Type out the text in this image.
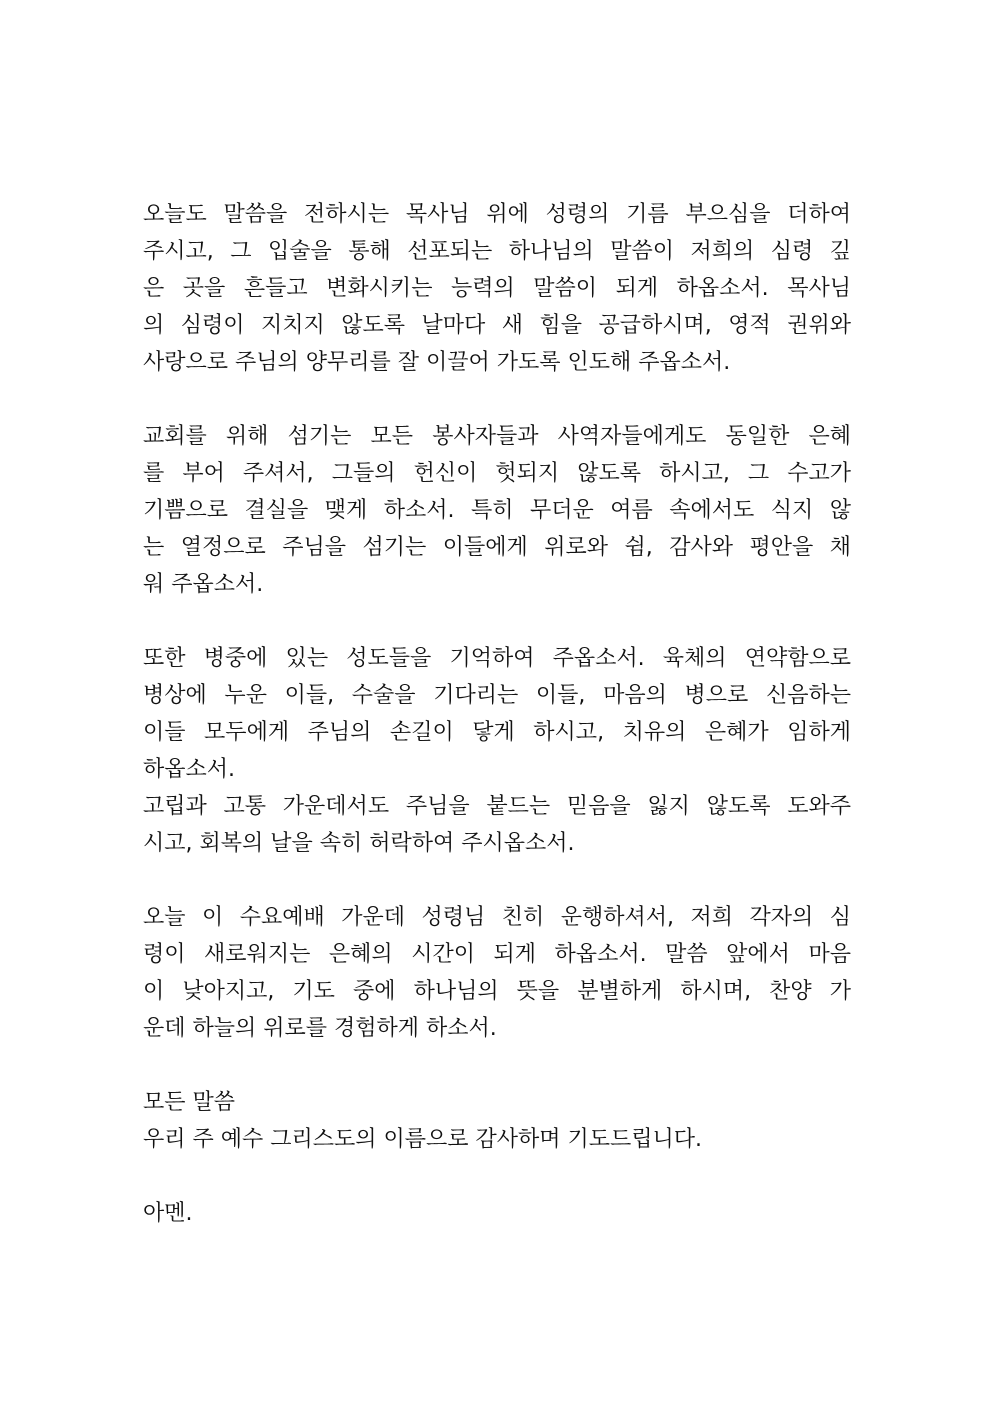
오늘도 말씀을 전하시는 목사님 위에 성령의 기름 부으심을 더하여
주시고, 그 입술을 통해 선포되는 하나님의 말씀이 저희의 심령 깊
은 곳을 흔들고 변화시키는 능력의 말씀이 되게 하옵소서. 목사님
의 심령이 지치지 않도록 날마다 새 힘을 공급하시며, 영적 권위와
사랑으로 주님의 양무리를 잘 이끌어 가도록 인도해 주옵소서.
교회를 위해 섬기는 모든 봉사자들과 사역자들에게도 동일한 은혜
를 부어 주셔서, 그들의 헌신이 헛되지 않도록 하시고, 그 수고가
기쁨으로 결실을 맺게 하소서. 특히 무더운 여름 속에서도 식지 않
는 열정으로 주님을 섬기는 이들에게 위로와 쉼, 감사와 평안을 채
워 주옵소서.
또한 병중에 있는 성도들을 기억하여 주옵소서. 육체의 연약함으로
병상에 누운 이들, 수술을 기다리는 이들, 마음의 병으로 신음하는
이들 모두에게 주님의 손길이 닿게 하시고, 치유의 은혜가 임하게
하옵소서.
고립과 고통 가운데서도 주님을 붙드는 믿음을 잃지 않도록 도와주
시고, 회복의 날을 속히 허락하여 주시옵소서.
오늘 이 수요예배 가운데 성령님 친히 운행하셔서, 저희 각자의 심
령이 새로워지는 은혜의 시간이 되게 하옵소서. 말씀 앞에서 마음
이 낮아지고, 기도 중에 하나님의 뜻을 분별하게 하시며, 찬양 가
운데 하늘의 위로를 경험하게 하소서.
모든 말씀
우리 주 예수 그리스도의 이름으로 감사하며 기도드립니다.
아멘.
